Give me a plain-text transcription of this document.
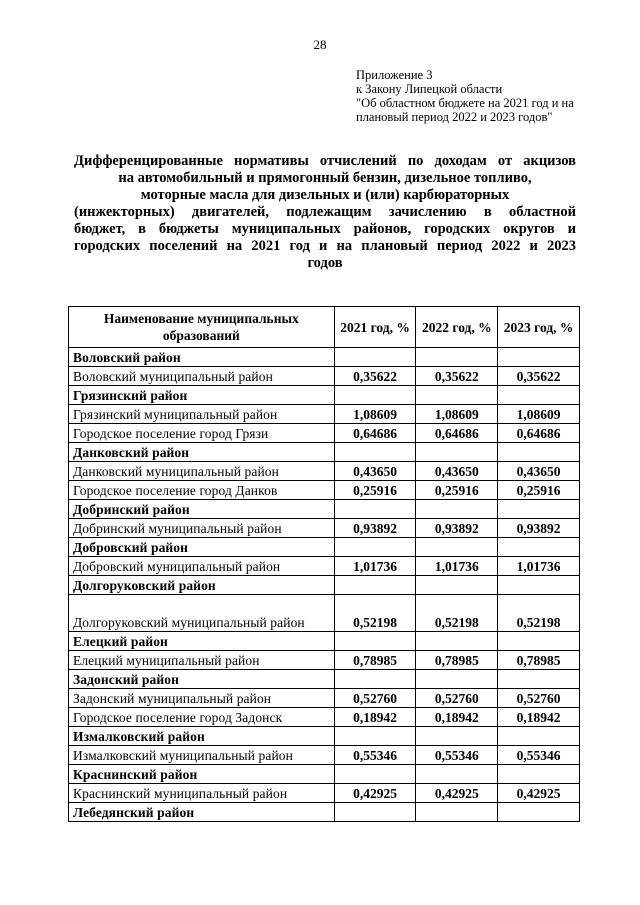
28
Приложение 3
к Закону Липецкой области
"Об областном бюджете на 2021 год и на
плановый период 2022 и 2023 годов"
Дифференцированные нормативы отчислений по доходам от акцизов
на автомобильный и прямогонный бензин, дизельное топливо,
моторные масла для дизельных и (или) карбюраторных
(инжекторных) двигателей, подлежащим зачислению в областной
бюджет, в бюджеты муниципальных районов, городских округов и
городских поселений на 2021 год и на плановый период 2022 и 2023
годов
Наименование муниципальных образований	2021 год, %	2022 год, %	2023 год, %
Воловский район			
Воловский муниципальный район	0,35622	0,35622	0,35622
Грязинский район			
Грязинский муниципальный район	1,08609	1,08609	1,08609
Городское поселение город Грязи	0,64686	0,64686	0,64686
Данковский район			
Данковский муниципальный район	0,43650	0,43650	0,43650
Городское поселение город Данков	0,25916	0,25916	0,25916
Добринский район			
Добринский муниципальный район	0,93892	0,93892	0,93892
Добровский район			
Добровский муниципальный район	1,01736	1,01736	1,01736
Долгоруковский район			
Долгоруковский муниципальный район	0,52198	0,52198	0,52198
Елецкий район			
Елецкий муниципальный район	0,78985	0,78985	0,78985
Задонский район			
Задонский муниципальный район	0,52760	0,52760	0,52760
Городское поселение город Задонск	0,18942	0,18942	0,18942
Измалковский район			
Измалковский муниципальный район	0,55346	0,55346	0,55346
Краснинский район			
Краснинский муниципальный район	0,42925	0,42925	0,42925
Лебедянский район			
